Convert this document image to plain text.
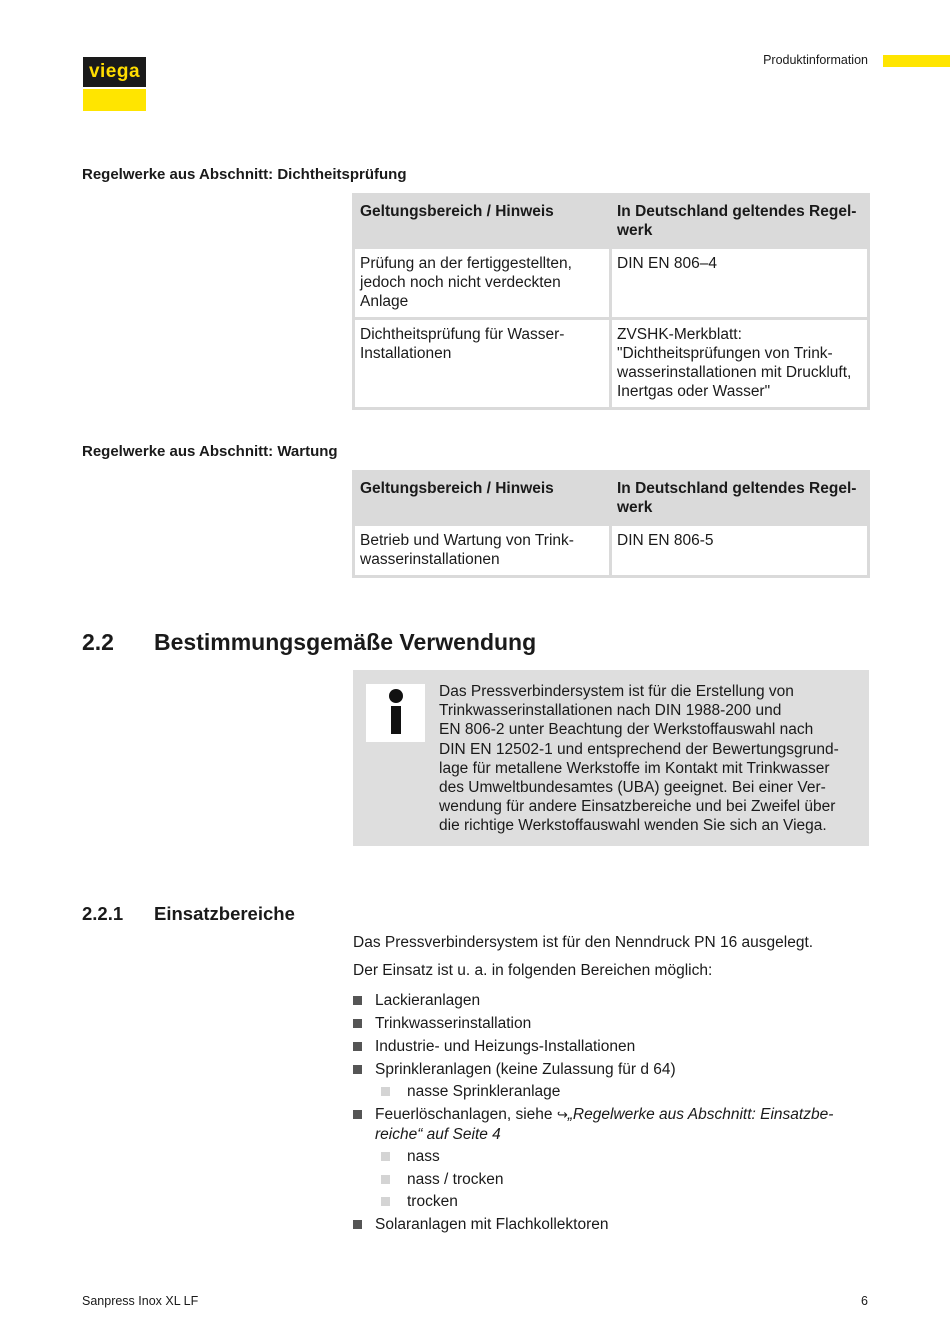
viega
Produktinformation
Regelwerke aus Abschnitt: Dichtheitsprüfung
Geltungsbereich / Hinweis	In Deutschland geltendes Regel-
werk
Prüfung an der fertiggestellten,
jedoch noch nicht verdeckten
Anlage	DIN EN 806–4
Dichtheitsprüfung für Wasser-
Installationen	ZVSHK-Merkblatt:
"Dichtheitsprüfungen von Trink-
wasserinstallationen mit Druckluft,
Inertgas oder Wasser"
Regelwerke aus Abschnitt: Wartung
Geltungsbereich / Hinweis	In Deutschland geltendes Regel-
werk
Betrieb und Wartung von Trink-
wasserinstallationen	DIN EN 806-5
2.2 Bestimmungsgemäße Verwendung
Das Pressverbindersystem ist für die Erstellung von
Trinkwasserinstallationen nach DIN 1988-200 und
EN 806-2 unter Beachtung der Werkstoffauswahl nach
DIN EN 12502-1 und entsprechend der Bewertungsgrund-
lage für metallene Werkstoffe im Kontakt mit Trinkwasser
des Umweltbundesamtes (UBA) geeignet. Bei einer Ver-
wendung für andere Einsatzbereiche und bei Zweifel über
die richtige Werkstoffauswahl wenden Sie sich an Viega.
2.2.1 Einsatzbereiche
Das Pressverbindersystem ist für den Nenndruck PN 16 ausgelegt.
Der Einsatz ist u. a. in folgenden Bereichen möglich:
Lackieranlagen
Trinkwasserinstallation
Industrie- und Heizungs-Installationen
Sprinkleranlagen (keine Zulassung für d 64)
nasse Sprinkleranlage
Feuerlöschanlagen, siehe ↪„Regelwerke aus Abschnitt: Einsatzbe-
reiche“ auf Seite 4
nass
nass / trocken
trocken
Solaranlagen mit Flachkollektoren
Sanpress Inox XL LF	6
